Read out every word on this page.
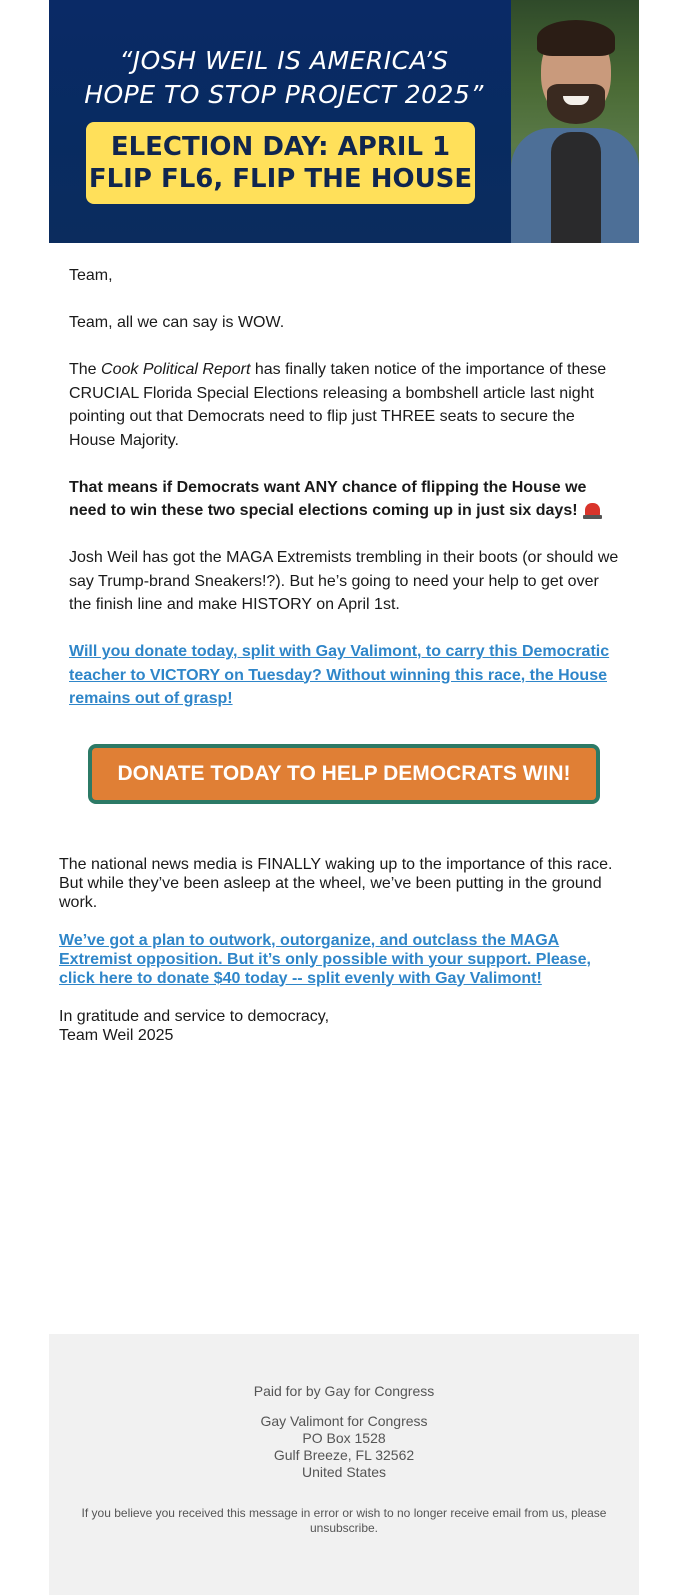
“JOSH WEIL IS AMERICA’S
HOPE TO STOP PROJECT 2025”
ELECTION DAY: APRIL 1
FLIP FL6, FLIP THE HOUSE

Team,

Team, all we can say is WOW.

The Cook Political Report has finally taken notice of the importance of these CRUCIAL Florida Special Elections releasing a bombshell article last night pointing out that Democrats need to flip just THREE seats to secure the House Majority.

That means if Democrats want ANY chance of flipping the House we need to win these two special elections coming up in just six days!

Josh Weil has got the MAGA Extremists trembling in their boots (or should we say Trump-brand Sneakers!?). But he’s going to need your help to get over the finish line and make HISTORY on April 1st.

Will you donate today, split with Gay Valimont, to carry this Democratic teacher to VICTORY on Tuesday? Without winning this race, the House remains out of grasp!

DONATE TODAY TO HELP DEMOCRATS WIN!

The national news media is FINALLY waking up to the importance of this race. But while they’ve been asleep at the wheel, we’ve been putting in the ground work.

We’ve got a plan to outwork, outorganize, and outclass the MAGA Extremist opposition. But it’s only possible with your support. Please, click here to donate $40 today -- split evenly with Gay Valimont!

In gratitude and service to democracy,
Team Weil 2025

Paid for by Gay for Congress
Gay Valimont for Congress
PO Box 1528
Gulf Breeze, FL 32562
United States
If you believe you received this message in error or wish to no longer receive email from us, please unsubscribe.
